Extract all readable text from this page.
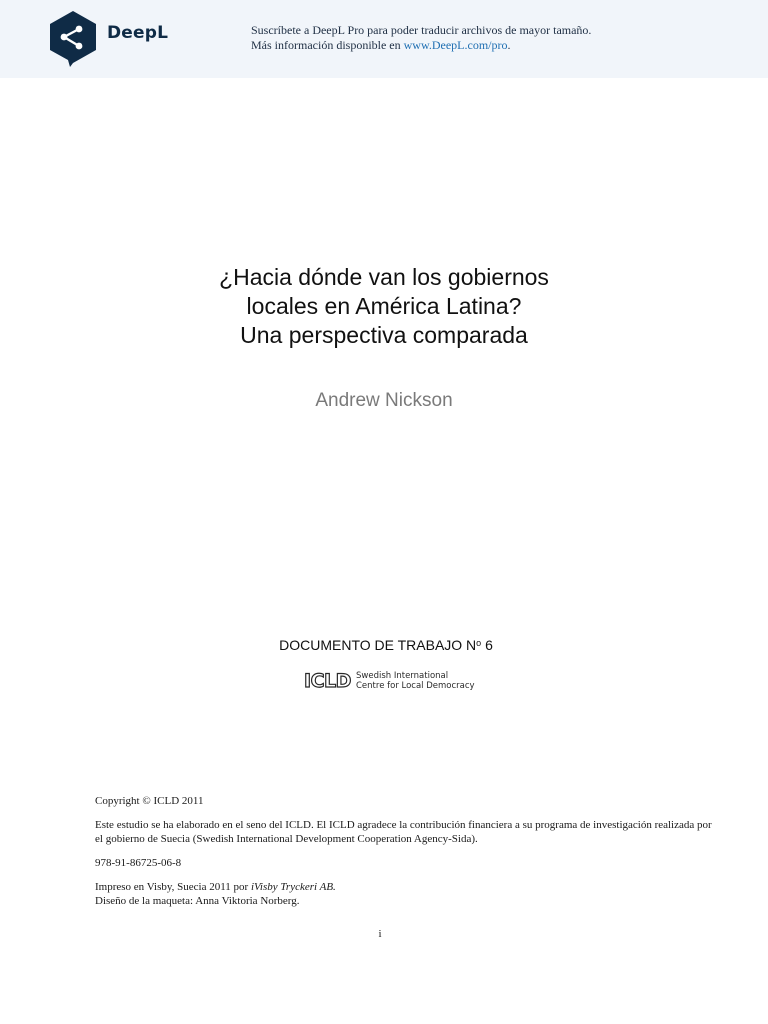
DeepL	Suscríbete a DeepL Pro para poder traducir archivos de mayor tamaño.
Más información disponible en www.DeepL.com/pro.
¿Hacia dónde van los gobiernos
locales en América Latina?
Una perspectiva comparada
Andrew Nickson
DOCUMENTO DE TRABAJO $N^o$ 6
ICLD Swedish International
Centre for Local Democracy

Copyright © ICLD 2011

Este estudio se ha elaborado en el seno del ICLD. El ICLD agradece la contribución financiera a su programa de investigación realizada por el gobierno de Suecia (Swedish International Development Cooperation Agency-Sida).

978-91-86725-06-8

Impreso en Visby, Suecia 2011 por iVisby Tryckeri AB.

Diseño de la maqueta: Anna Viktoria Norberg.

i
